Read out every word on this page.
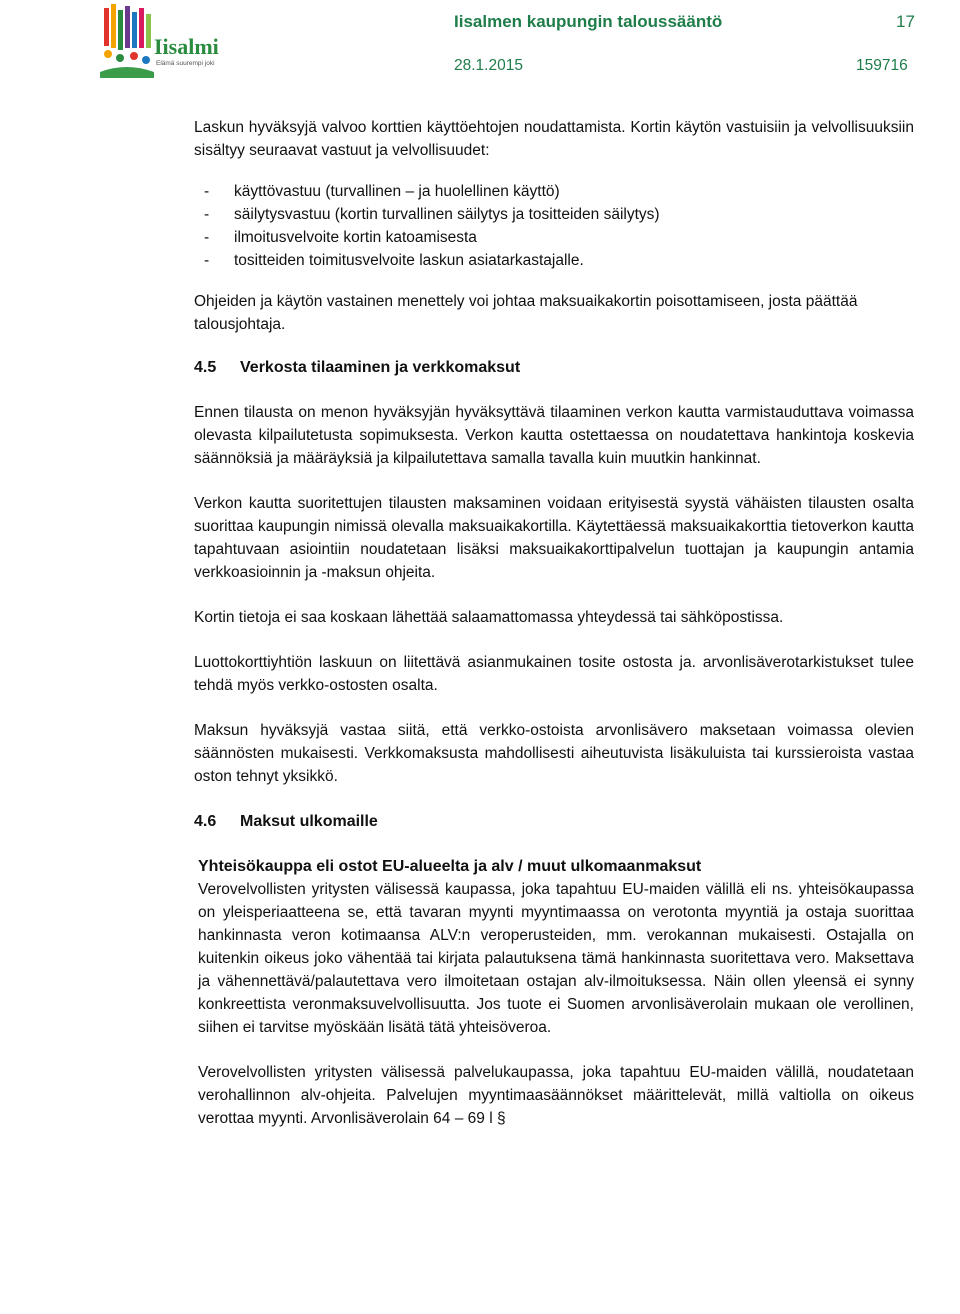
Iisalmi
Elämä suurempi joki
Iisalmen kaupungin taloussääntö	17
28.1.2015	159716

Laskun hyväksyjä valvoo korttien käyttöehtojen noudattamista. Kortin käytön vastuisiin ja velvollisuuksiin sisältyy seuraavat vastuut ja velvollisuudet:

- käyttövastuu (turvallinen – ja huolellinen käyttö)
- säilytysvastuu (kortin turvallinen säilytys ja tositteiden säilytys)
- ilmoitusvelvoite kortin katoamisesta
- tositteiden toimitusvelvoite laskun asiatarkastajalle.

Ohjeiden ja käytön vastainen menettely voi johtaa maksuaikakortin poisottamiseen, josta päättää talousjohtaja.

4.5	Verkosta tilaaminen ja verkkomaksut

Ennen tilausta on menon hyväksyjän hyväksyttävä tilaaminen verkon kautta varmistauduttava voimassa olevasta kilpailutetusta sopimuksesta. Verkon kautta ostettaessa on noudatettava hankintoja koskevia säännöksiä ja määräyksiä ja kilpailutettava samalla tavalla kuin muutkin hankinnat.

Verkon kautta suoritettujen tilausten maksaminen voidaan erityisestä syystä vähäisten tilausten osalta suorittaa kaupungin nimissä olevalla maksuaikakortilla. Käytettäessä maksuaikakorttia tietoverkon kautta tapahtuvaan asiointiin noudatetaan lisäksi maksuaikakorttipalvelun tuottajan ja kaupungin antamia verkkoasioinnin ja -maksun ohjeita.

Kortin tietoja ei saa koskaan lähettää salaamattomassa yhteydessä tai sähköpostissa.

Luottokorttiyhtiön laskuun on liitettävä asianmukainen tosite ostosta ja. arvonlisäverotarkistukset tulee tehdä myös verkko-ostosten osalta.

Maksun hyväksyjä vastaa siitä, että verkko-ostoista arvonlisävero maksetaan voimassa olevien säännösten mukaisesti. Verkkomaksusta mahdollisesti aiheutuvista lisäkuluista tai kurssieroista vastaa oston tehnyt yksikkö.

4.6	Maksut ulkomaille

Yhteisökauppa eli ostot EU-alueelta ja alv / muut ulkomaanmaksut

Verovelvollisten yritysten välisessä kaupassa, joka tapahtuu EU-maiden välillä eli ns. yhteisökaupassa on yleisperiaatteena se, että tavaran myynti myyntimaassa on verotonta myyntiä ja ostaja suorittaa hankinnasta veron kotimaansa ALV:n veroperusteiden, mm. verokannan mukaisesti. Ostajalla on kuitenkin oikeus joko vähentää tai kirjata palautuksena tämä hankinnasta suoritettava vero. Maksettava ja vähennettävä/palautettava vero ilmoitetaan ostajan alv-ilmoituksessa. Näin ollen yleensä ei synny konkreettista veronmaksuvelvollisuutta. Jos tuote ei Suomen arvonlisäverolain mukaan ole verollinen, siihen ei tarvitse myöskään lisätä tätä yhteisöveroa.

Verovelvollisten yritysten välisessä palvelukaupassa, joka tapahtuu EU-maiden välillä, noudatetaan verohallinnon alv-ohjeita. Palvelujen myyntimaasäännökset määrittelevät, millä valtiolla on oikeus verottaa myynti. Arvonlisäverolain 64 – 69 l §
